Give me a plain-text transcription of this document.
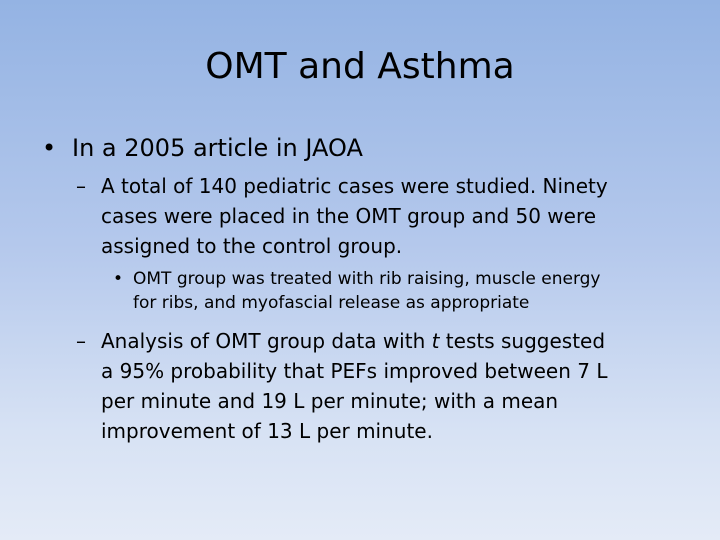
OMT and Asthma
• In a 2005 article in JAOA
– A total of 140 pediatric cases were studied. Ninety
cases were placed in the OMT group and 50 were
assigned to the control group.
• OMT group was treated with rib raising, muscle energy
for ribs, and myofascial release as appropriate
– Analysis of OMT group data with t tests suggested
a 95% probability that PEFs improved between 7 L
per minute and 19 L per minute; with a mean
improvement of 13 L per minute.
